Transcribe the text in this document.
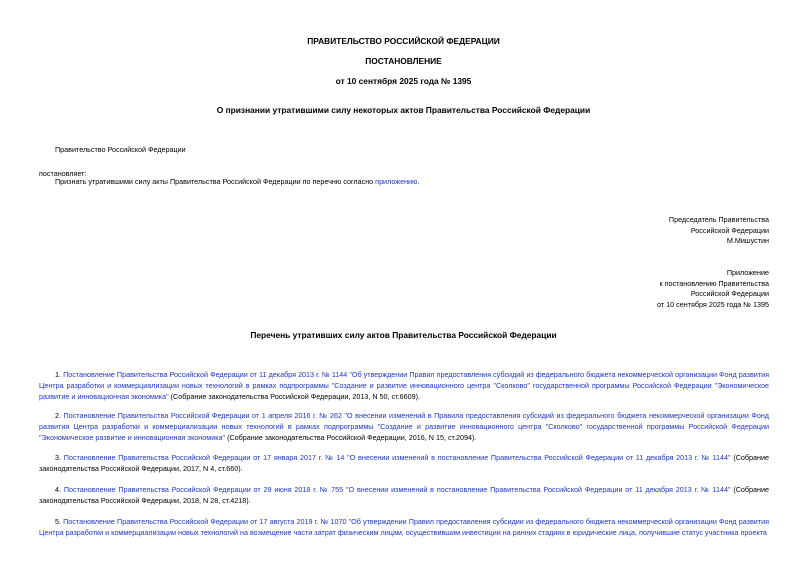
ПРАВИТЕЛЬСТВО РОССИЙСКОЙ ФЕДЕРАЦИИ
ПОСТАНОВЛЕНИЕ
от 10 сентября 2025 года № 1395
О признании утратившими силу некоторых актов Правительства Российской Федерации
Правительство Российской Федерации
постановляет:
Признать утратившими силу акты Правительства Российской Федерации по перечню согласно приложению.
Председатель Правительства
Российской Федерации
М.Мишустин
Приложение
к постановлению Правительства
Российской Федерации
от 10 сентября 2025 года № 1395
Перечень утративших силу актов Правительства Российской Федерации

1. Постановление Правительства Российской Федерации от 11 декабря 2013 г. № 1144 "Об утверждении Правил предоставления субсидий из федерального бюджета некоммерческой организации Фонд развития Центра разработки и коммерциализации новых технологий в рамках подпрограммы "Создание и развитие инновационного центра "Сколково" государственной программы Российской Федерации "Экономическое развитие и инновационная экономика" (Собрание законодательства Российской Федерации, 2013, N 50, ст.6609).

2. Постановление Правительства Российской Федерации от 1 апреля 2016 г. № 262 "О внесении изменений в Правила предоставления субсидий из федерального бюджета некоммерческой организации Фонд развития Центра разработки и коммерциализации новых технологий в рамках подпрограммы "Создание и развитие инновационного центра "Сколково" государственной программы Российской Федерации "Экономическое развитие и инновационная экономика" (Собрание законодательства Российской Федерации, 2016, N 15, ст.2094).

3. Постановление Правительства Российской Федерации от 17 января 2017 г. № 14 "О внесении изменений в постановление Правительства Российской Федерации от 11 декабря 2013 г. № 1144" (Собрание законодательства Российской Федерации, 2017, N 4, ст.660).

4. Постановление Правительства Российской Федерации от 29 июня 2018 г. № 755 "О внесении изменений в постановление Правительства Российской Федерации от 11 декабря 2013 г. № 1144" (Собрание законодательства Российской Федерации, 2018, N 28, ст.4218).

5. Постановление Правительства Российской Федерации от 17 августа 2019 г. № 1070 "Об утверждении Правил предоставления субсидии из федерального бюджета некоммерческой организации Фонд развития Центра разработки и коммерциализации новых технологий на возмещение части затрат физическим лицам, осуществившим инвестиции на ранних стадиях в юридические лица, получившие статус участника проекта
